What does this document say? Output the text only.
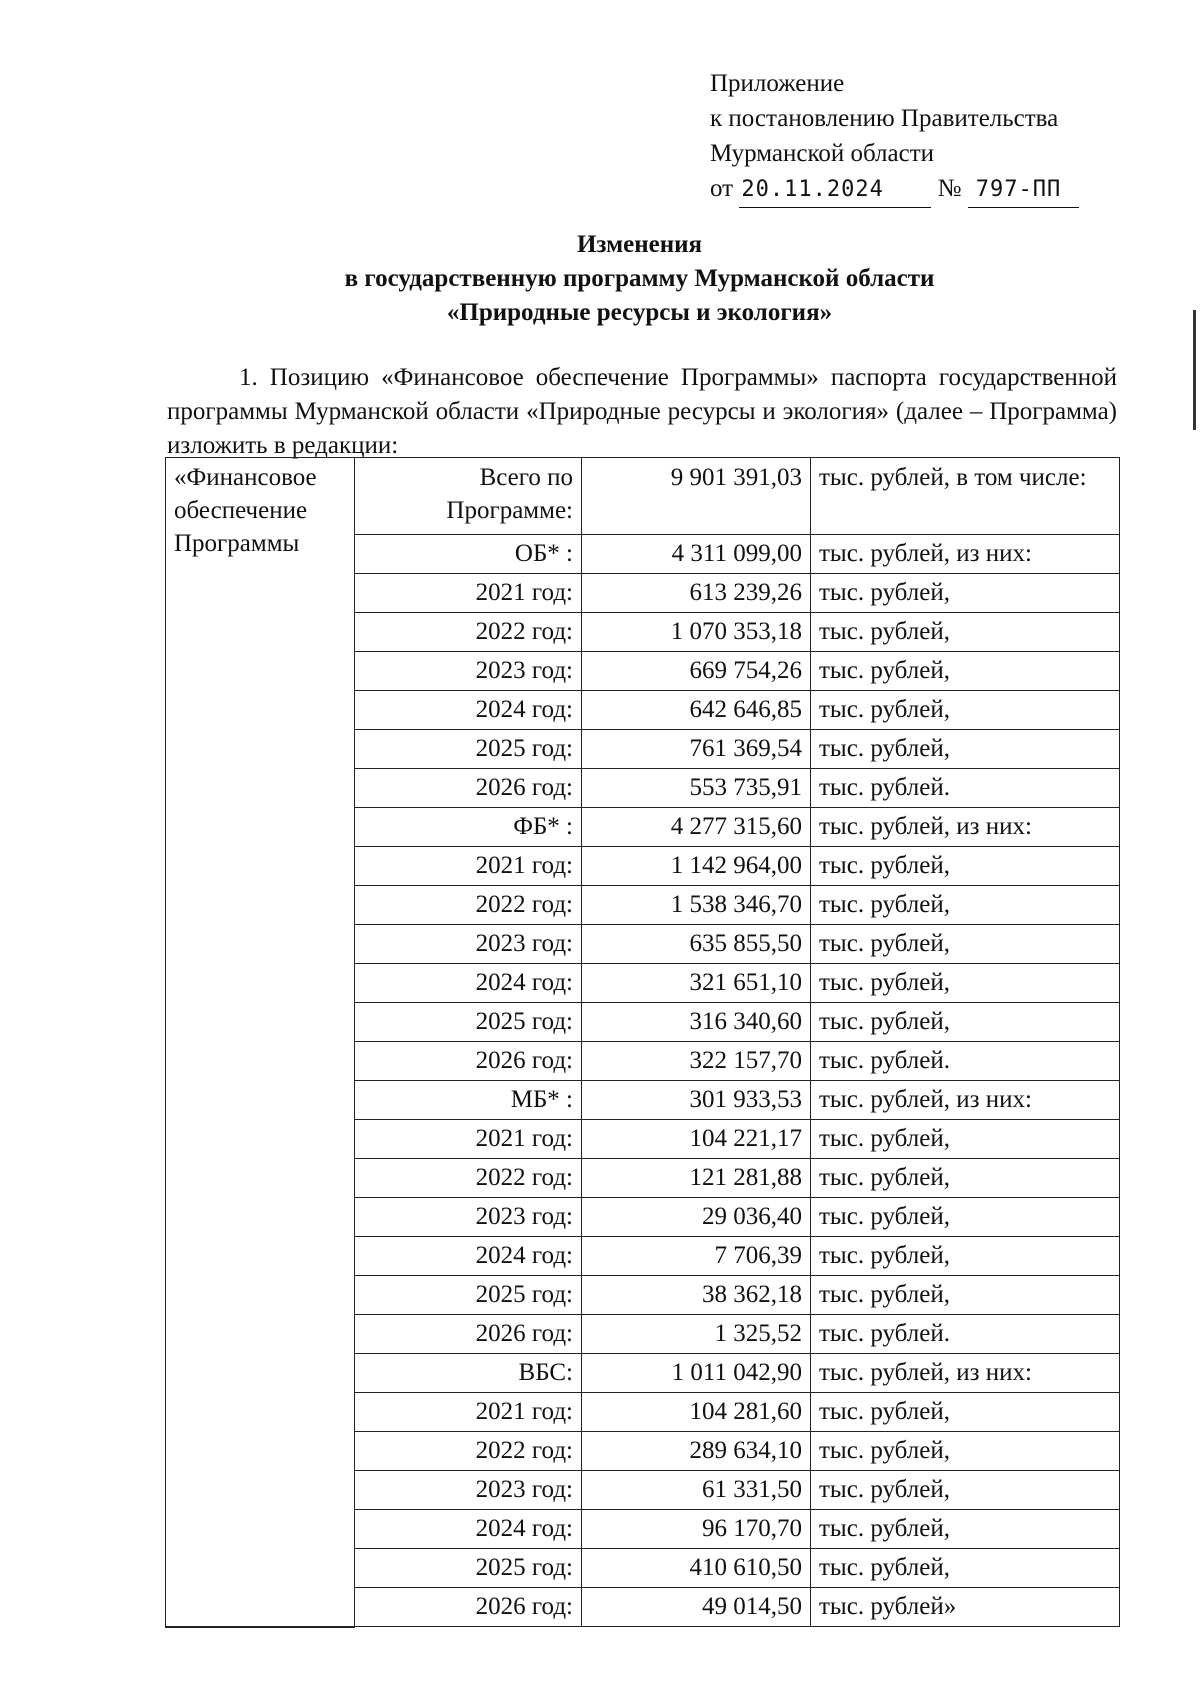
Приложение
к постановлению Правительства
Мурманской области
от 20.11.2024 № 797-ПП
Изменения
в государственную программу Мурманской области
«Природные ресурсы и экология»
1. Позицию «Финансовое обеспечение Программы» паспорта государственной программы Мурманской области «Природные ресурсы и экология» (далее – Программа) изложить в редакции:
«Финансовое обеспечение Программы	Всего по Программе:	9 901 391,03	тыс. рублей, в том числе:
	ОБ* :	4 311 099,00	тыс. рублей, из них:
	2021 год:	613 239,26	тыс. рублей,
	2022 год:	1 070 353,18	тыс. рублей,
	2023 год:	669 754,26	тыс. рублей,
	2024 год:	642 646,85	тыс. рублей,
	2025 год:	761 369,54	тыс. рублей,
	2026 год:	553 735,91	тыс. рублей.
	ФБ* :	4 277 315,60	тыс. рублей, из них:
	2021 год:	1 142 964,00	тыс. рублей,
	2022 год:	1 538 346,70	тыс. рублей,
	2023 год:	635 855,50	тыс. рублей,
	2024 год:	321 651,10	тыс. рублей,
	2025 год:	316 340,60	тыс. рублей,
	2026 год:	322 157,70	тыс. рублей.
	МБ* :	301 933,53	тыс. рублей, из них:
	2021 год:	104 221,17	тыс. рублей,
	2022 год:	121 281,88	тыс. рублей,
	2023 год:	29 036,40	тыс. рублей,
	2024 год:	7 706,39	тыс. рублей,
	2025 год:	38 362,18	тыс. рублей,
	2026 год:	1 325,52	тыс. рублей.
	ВБС:	1 011 042,90	тыс. рублей, из них:
	2021 год:	104 281,60	тыс. рублей,
	2022 год:	289 634,10	тыс. рублей,
	2023 год:	61 331,50	тыс. рублей,
	2024 год:	96 170,70	тыс. рублей,
	2025 год:	410 610,50	тыс. рублей,
	2026 год:	49 014,50	тыс. рублей»
